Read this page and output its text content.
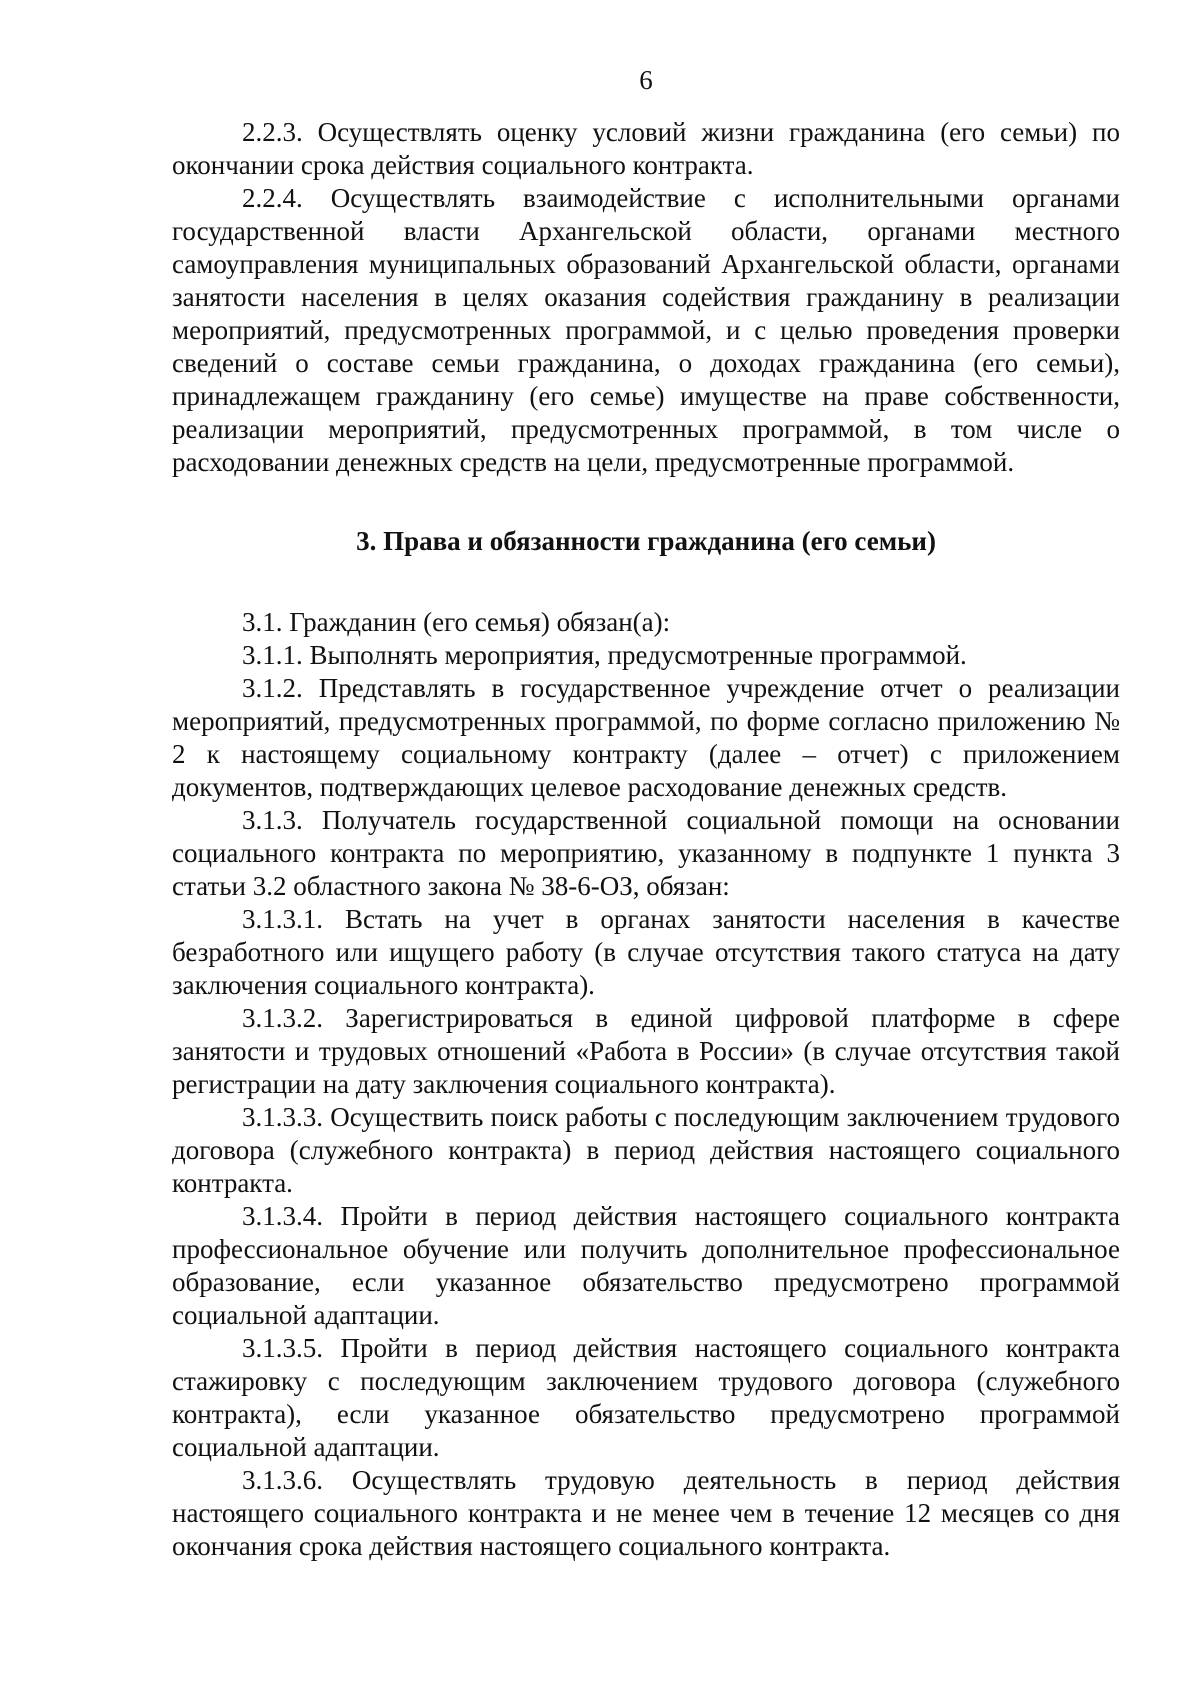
6

2.2.3. Осуществлять оценку условий жизни гражданина (его семьи) по окончании срока действия социального контракта.

2.2.4. Осуществлять взаимодействие с исполнительными органами государственной власти Архангельской области, органами местного самоуправления муниципальных образований Архангельской области, органами занятости населения в целях оказания содействия гражданину в реализации мероприятий, предусмотренных программой, и с целью проведения проверки сведений о составе семьи гражданина, о доходах гражданина (его семьи), принадлежащем гражданину (его семье) имуществе на праве собственности, реализации мероприятий, предусмотренных программой, в том числе о расходовании денежных средств на цели, предусмотренные программой.

3. Права и обязанности гражданина (его семьи)

3.1. Гражданин (его семья) обязан(а):

3.1.1. Выполнять мероприятия, предусмотренные программой.

3.1.2. Представлять в государственное учреждение отчет о реализации мероприятий, предусмотренных программой, по форме согласно приложению № 2 к настоящему социальному контракту (далее – отчет) с приложением документов, подтверждающих целевое расходование денежных средств.

3.1.3. Получатель государственной социальной помощи на основании социального контракта по мероприятию, указанному в подпункте 1 пункта 3 статьи 3.2 областного закона № 38-6-ОЗ, обязан:

3.1.3.1. Встать на учет в органах занятости населения в качестве безработного или ищущего работу (в случае отсутствия такого статуса на дату заключения социального контракта).

3.1.3.2. Зарегистрироваться в единой цифровой платформе в сфере занятости и трудовых отношений «Работа в России» (в случае отсутствия такой регистрации на дату заключения социального контракта).

3.1.3.3. Осуществить поиск работы с последующим заключением трудового договора (служебного контракта) в период действия настоящего социального контракта.

3.1.3.4. Пройти в период действия настоящего социального контракта профессиональное обучение или получить дополнительное профессиональное образование, если указанное обязательство предусмотрено программой социальной адаптации.

3.1.3.5. Пройти в период действия настоящего социального контракта стажировку с последующим заключением трудового договора (служебного контракта), если указанное обязательство предусмотрено программой социальной адаптации.

3.1.3.6. Осуществлять трудовую деятельность в период действия настоящего социального контракта и не менее чем в течение 12 месяцев со дня окончания срока действия настоящего социального контракта.
